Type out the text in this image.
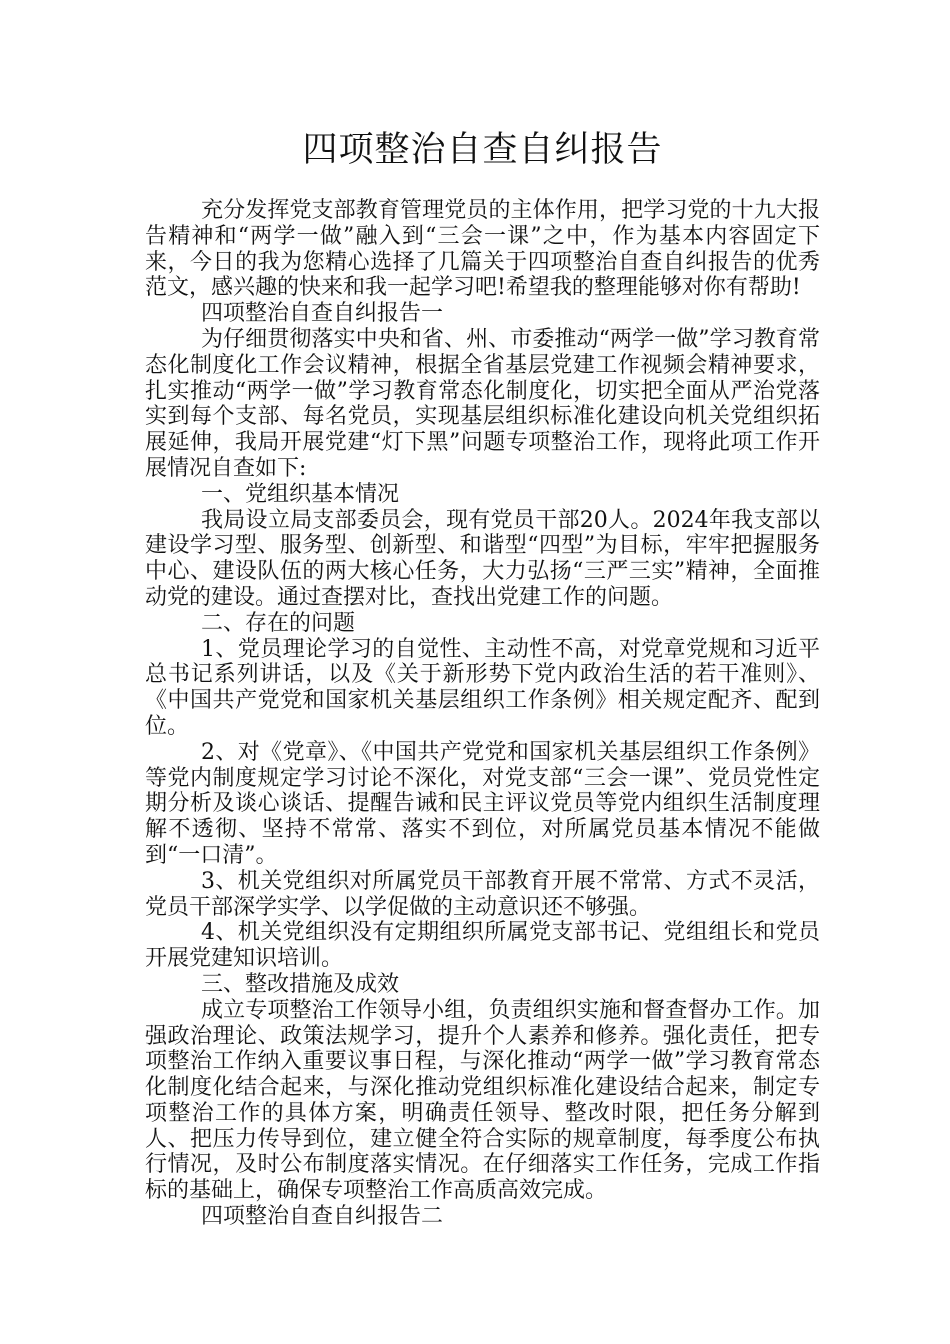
四项整治自查自纠报告

充分发挥党支部教育管理党员的主体作用，把学习党的十九大报告精神和“两学一做”融入到“三会一课”之中，作为基本内容固定下来，今日的我为您精心选择了几篇关于四项整治自查自纠报告的优秀范文，感兴趣的快来和我一起学习吧!希望我的整理能够对你有帮助!

四项整治自查自纠报告一

为仔细贯彻落实中央和省、州、市委推动“两学一做”学习教育常态化制度化工作会议精神，根据全省基层党建工作视频会精神要求，扎实推动“两学一做”学习教育常态化制度化，切实把全面从严治党落实到每个支部、每名党员，实现基层组织标准化建设向机关党组织拓展延伸，我局开展党建“灯下黑”问题专项整治工作，现将此项工作开展情况自查如下:

一、党组织基本情况

我局设立局支部委员会，现有党员干部20人。2024年我支部以建设学习型、服务型、创新型、和谐型“四型”为目标，牢牢把握服务中心、建设队伍的两大核心任务，大力弘扬“三严三实”精神，全面推动党的建设。通过查摆对比，查找出党建工作的问题。

二、存在的问题

1、党员理论学习的自觉性、主动性不高，对党章党规和习近平总书记系列讲话，以及《关于新形势下党内政治生活的若干准则》、《中国共产党党和国家机关基层组织工作条例》相关规定配齐、配到位。

2、对《党章》、《中国共产党党和国家机关基层组织工作条例》等党内制度规定学习讨论不深化，对党支部“三会一课”、党员党性定期分析及谈心谈话、提醒告诫和民主评议党员等党内组织生活制度理解不透彻、坚持不常常、落实不到位，对所属党员基本情况不能做到“一口清”。

3、机关党组织对所属党员干部教育开展不常常、方式不灵活，党员干部深学实学、以学促做的主动意识还不够强。

4、机关党组织没有定期组织所属党支部书记、党组组长和党员开展党建知识培训。

三、整改措施及成效

成立专项整治工作领导小组，负责组织实施和督查督办工作。加强政治理论、政策法规学习，提升个人素养和修养。强化责任，把专项整治工作纳入重要议事日程，与深化推动“两学一做”学习教育常态化制度化结合起来，与深化推动党组织标准化建设结合起来，制定专项整治工作的具体方案，明确责任领导、整改时限，把任务分解到人、把压力传导到位，建立健全符合实际的规章制度，每季度公布执行情况，及时公布制度落实情况。在仔细落实工作任务，完成工作指标的基础上，确保专项整治工作高质高效完成。

四项整治自查自纠报告二
